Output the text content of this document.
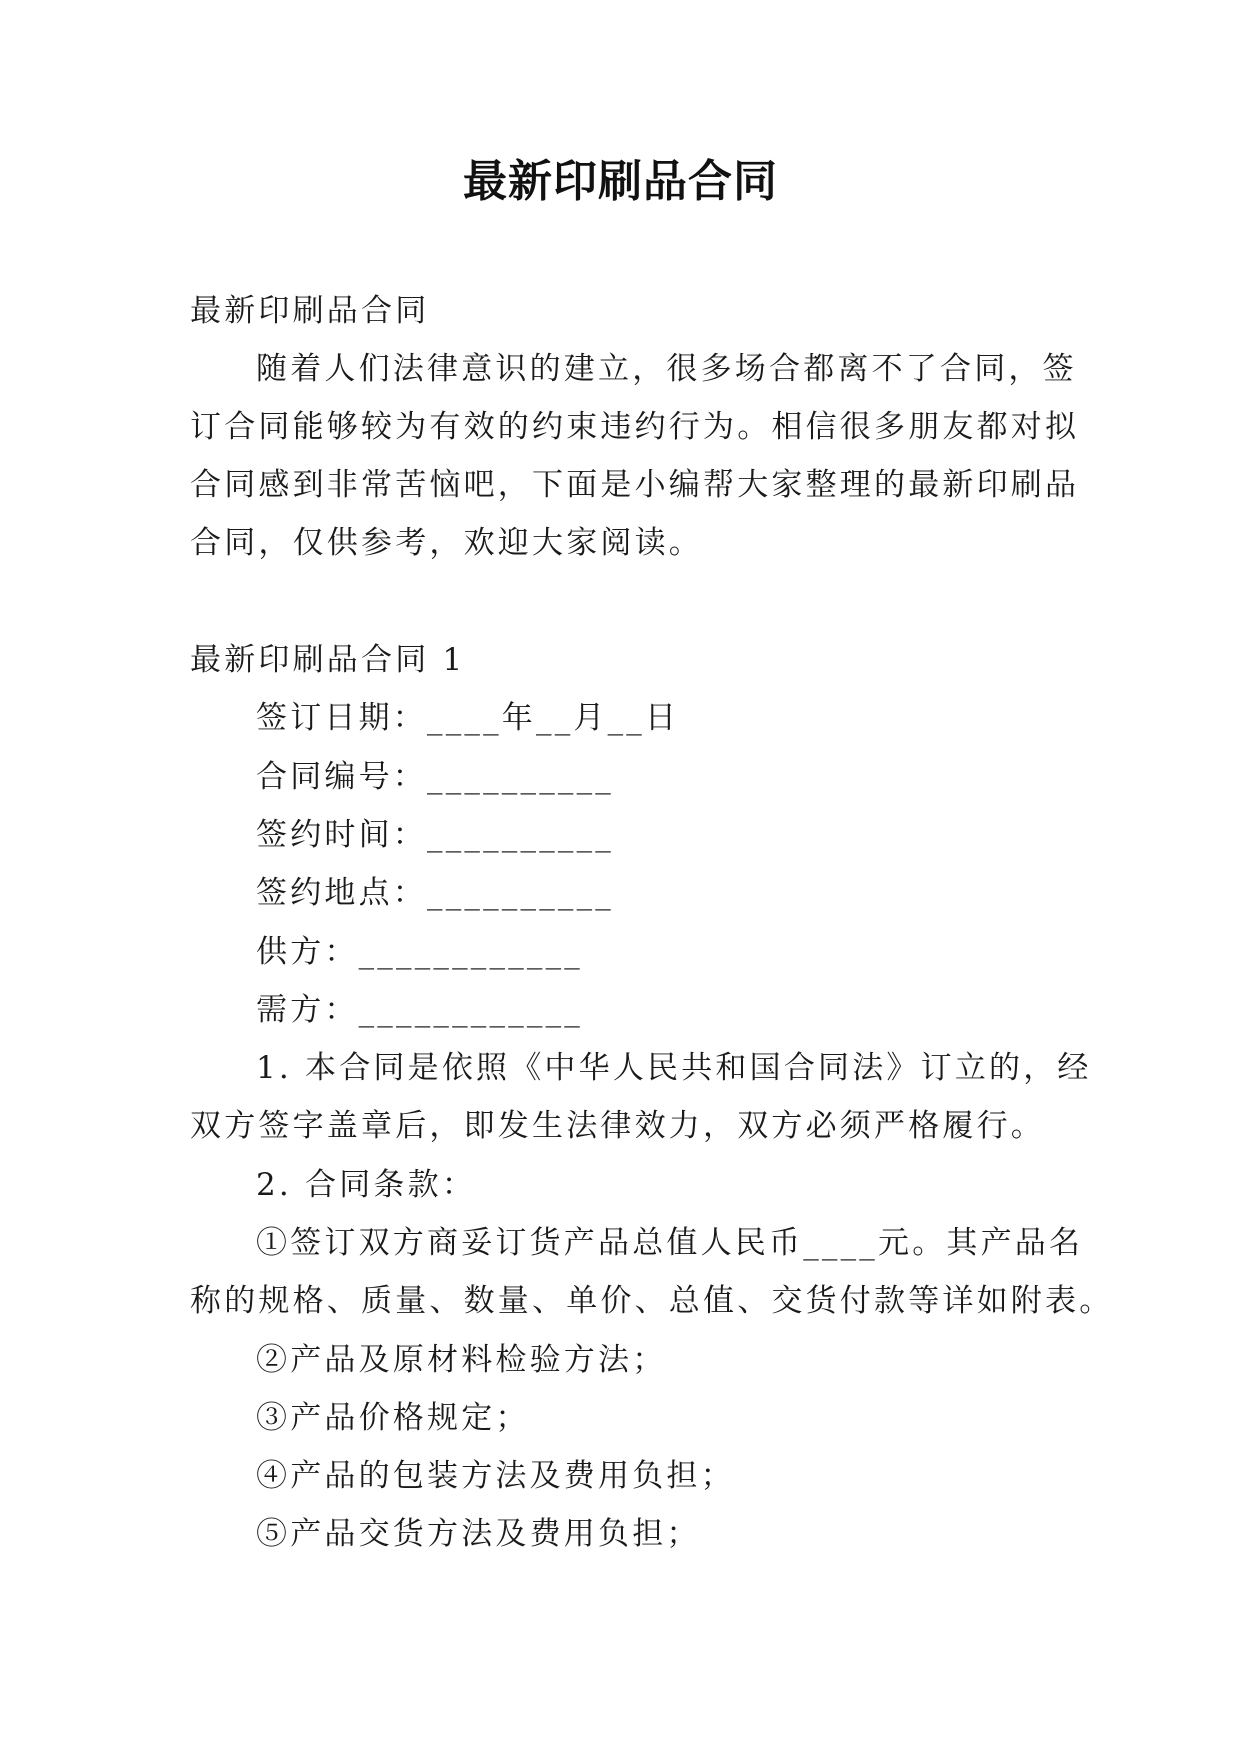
最新印刷品合同
最新印刷品合同
随着人们法律意识的建立，很多场合都离不了合同，签
订合同能够较为有效的约束违约行为。相信很多朋友都对拟
合同感到非常苦恼吧，下面是小编帮大家整理的最新印刷品
合同，仅供参考，欢迎大家阅读。
最新印刷品合同 1
签订日期：____年__月__日
合同编号：__________
签约时间：__________
签约地点：__________
供方：____________
需方：____________
1. 本合同是依照《中华人民共和国合同法》订立的，经
双方签字盖章后，即发生法律效力，双方必须严格履行。
2. 合同条款：
①签订双方商妥订货产品总值人民币____元。其产品名
称的规格、质量、数量、单价、总值、交货付款等详如附表。
②产品及原材料检验方法；
③产品价格规定；
④产品的包装方法及费用负担；
⑤产品交货方法及费用负担；
